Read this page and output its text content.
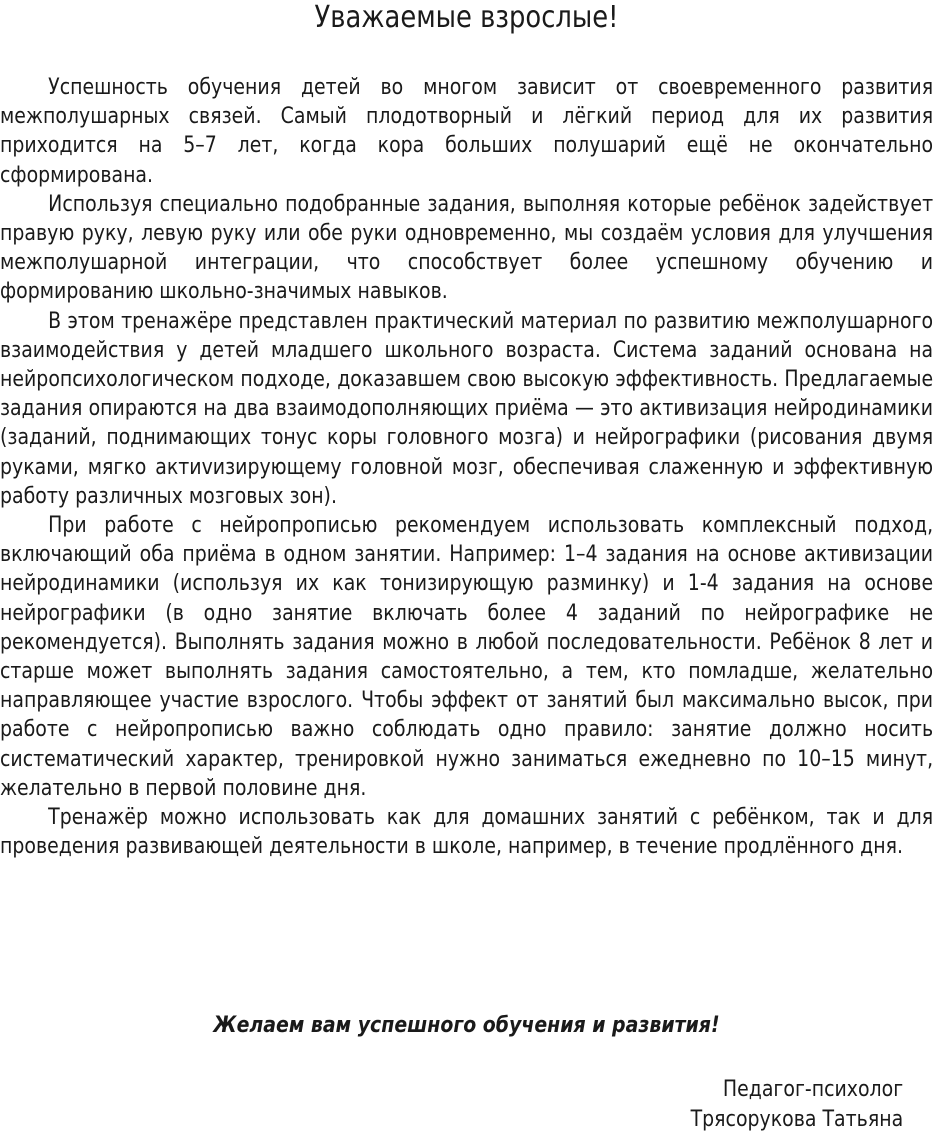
Уважаемые взрослые!

Успешность обучения детей во многом зависит от своевременного развития межполушарных связей. Самый плодотворный и лёгкий период для их развития приходится на 5–7 лет, когда кора больших полушарий ещё не окончательно сформирована.

Используя специально подобранные задания, выполняя которые ребёнок задействует правую руку, левую руку или обе руки одновременно, мы создаём условия для улучшения межполушарной интеграции, что способствует более успешному обучению и формированию школьно-значимых навыков.

В этом тренажёре представлен практический материал по развитию межполушарного взаимодействия у детей младшего школьного возраста. Система заданий основана на нейропсихологическом подходе, доказавшем свою высокую эффективность. Предлагаемые задания опираются на два взаимодополняющих приёма — это активизация нейродинамики (заданий, поднимающих тонус коры головного мозга) и нейрографики (рисования двумя руками, мягко актиvизирующему головной мозг, обеспечивая слаженную и эффективную работу различных мозговых зон).

При работе с нейропрописью рекомендуем использовать комплексный подход, включающий оба приёма в одном занятии. Например: 1–4 задания на основе активизации нейродинамики (используя их как тонизирующую разминку) и 1-4 задания на основе нейрографики (в одно занятие включать более 4 заданий по нейрографике не рекомендуется). Выполнять задания можно в любой последовательности. Ребёнок 8 лет и старше может выполнять задания самостоятельно, а тем, кто помладше, желательно направляющее участие взрослого. Чтобы эффект от занятий был максимально высок, при работе с нейропрописью важно соблюдать одно правило: занятие должно носить систематический характер, тренировкой нужно заниматься ежедневно по 10–15 минут, желательно в первой половине дня.

Тренажёр можно использовать как для домашних занятий с ребёнком, так и для проведения развивающей деятельности в школе, например, в течение продлённого дня.

Желаем вам успешного обучения и развития!
Педагог-психолог
Трясорукова Татьяна
